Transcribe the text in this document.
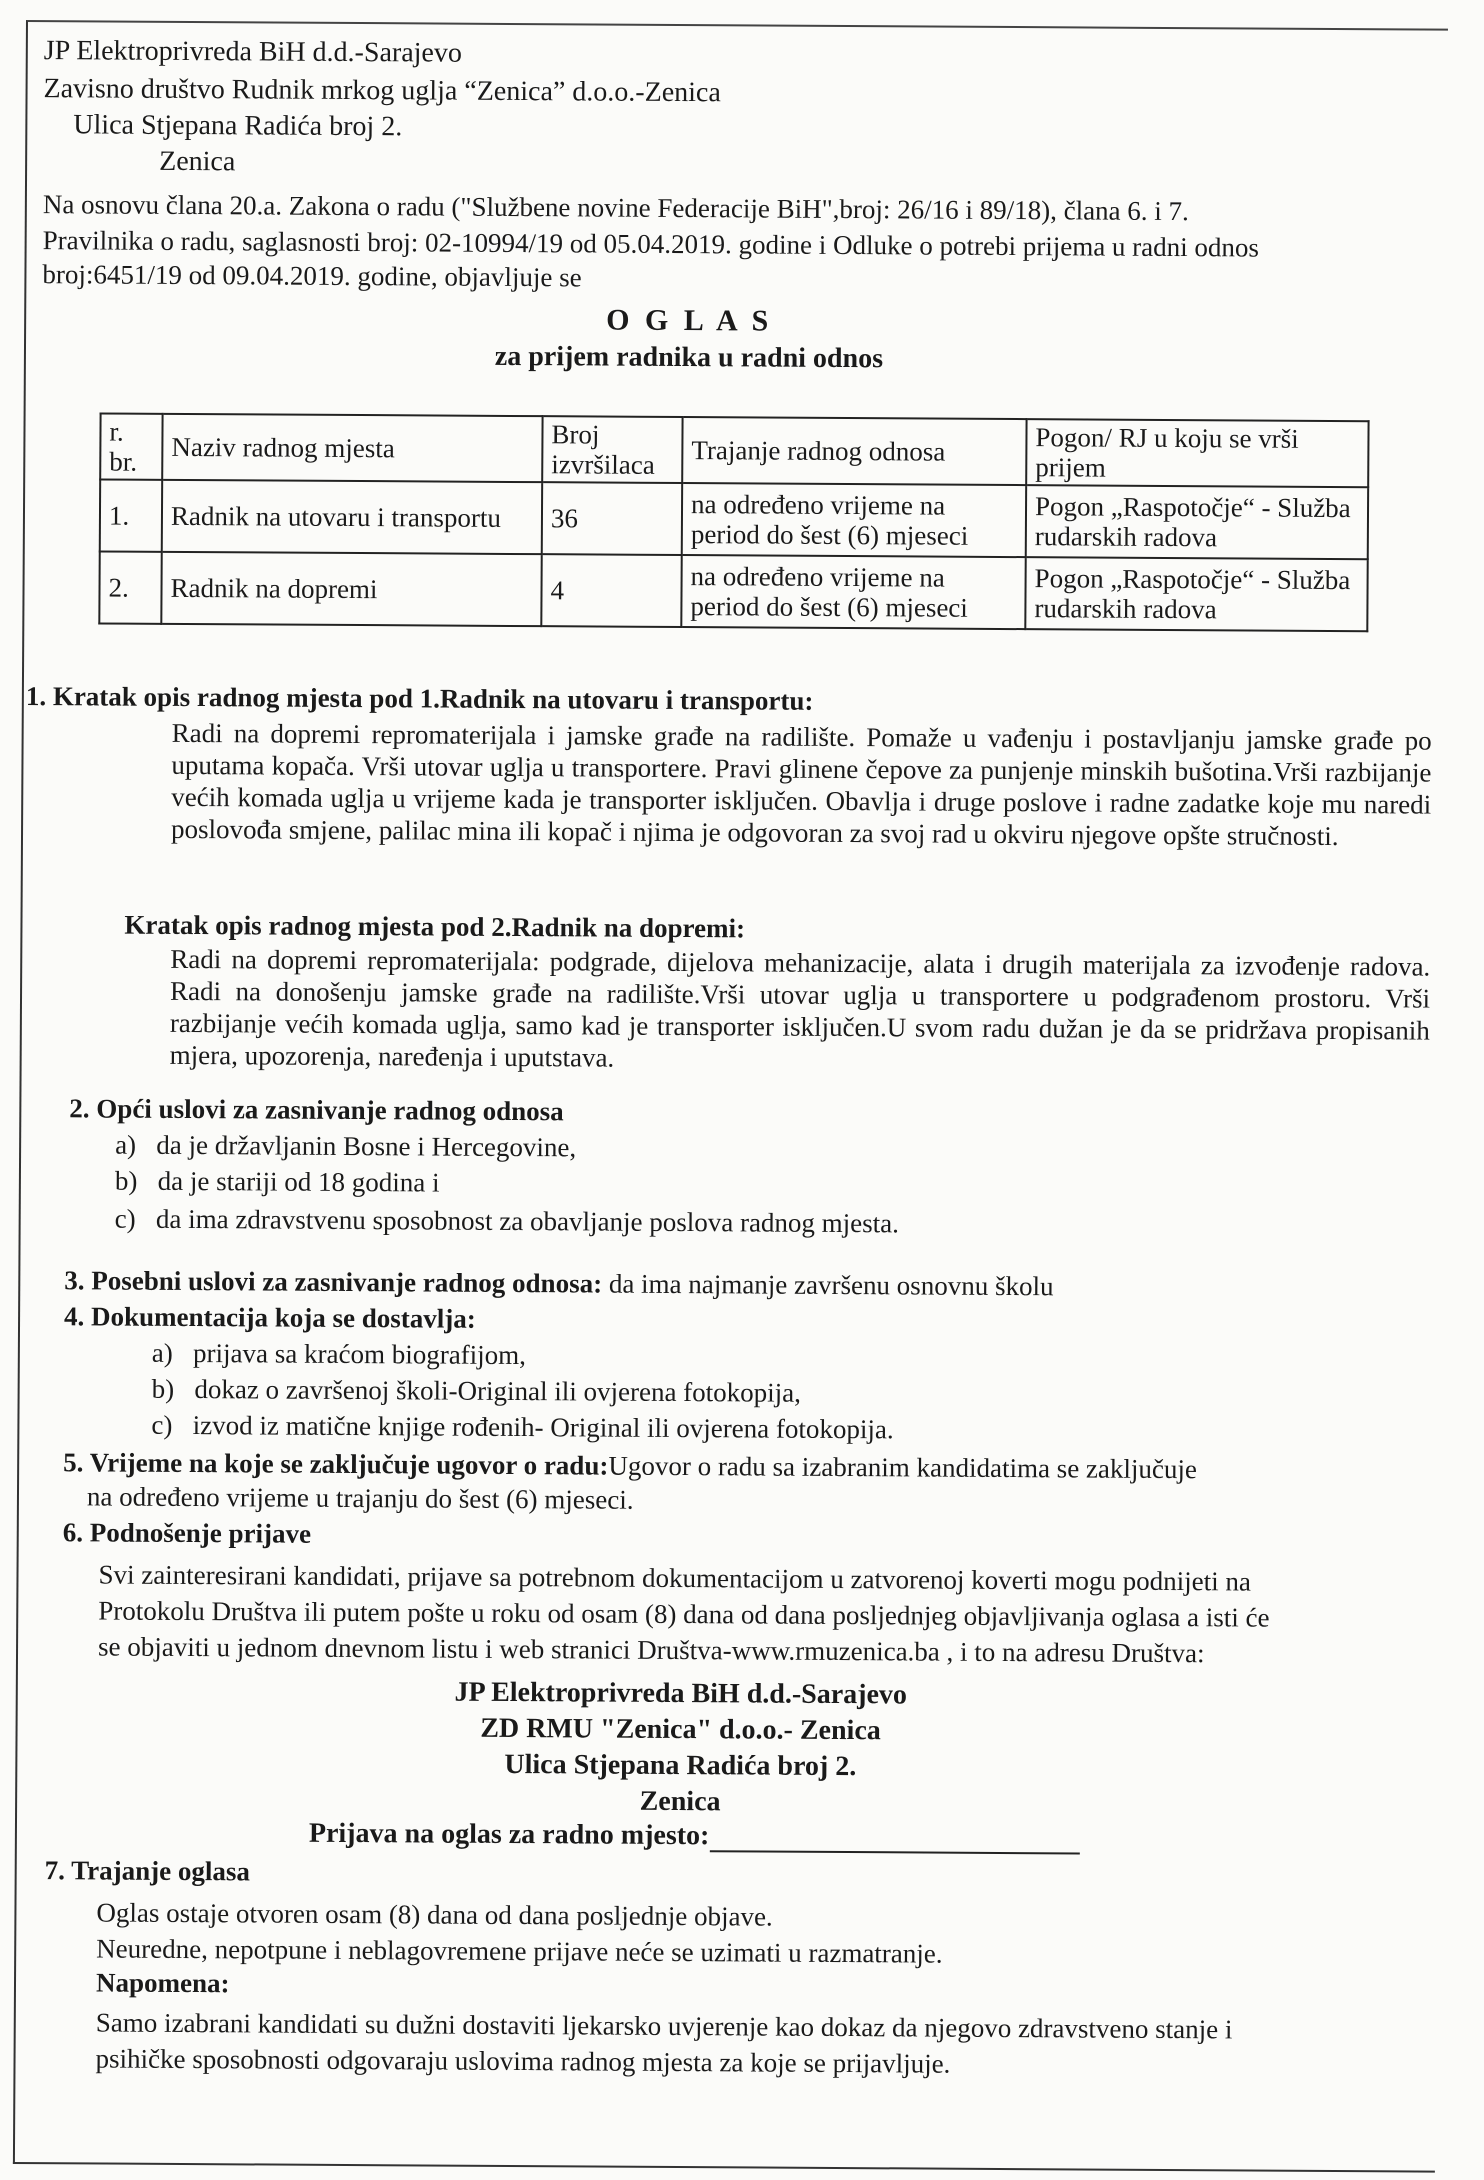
JP Elektroprivreda BiH d.d.-Sarajevo
Zavisno društvo Rudnik mrkog uglja “Zenica” d.o.o.-Zenica
Ulica Stjepana Radića broj 2.
Zenica
Na osnovu člana 20.a. Zakona o radu ("Službene novine Federacije BiH",broj: 26/16 i 89/18), člana 6. i 7.
Pravilnika o radu, saglasnosti broj: 02-10994/19 od 05.04.2019. godine i Odluke o potrebi prijema u radni odnos
broj:6451/19 od 09.04.2019. godine, objavljuje se
O G L A S
za prijem radnika u radni odnos
r. br.	Naziv radnog mjesta	Broj izvršilaca	Trajanje radnog odnosa	Pogon/ RJ u koju se vrši prijem
1.	Radnik na utovaru i transportu	36	na određeno vrijeme na period do šest (6) mjeseci	Pogon „Raspotočje“ - Služba rudarskih radova
2.	Radnik na dopremi	4	na određeno vrijeme na period do šest (6) mjeseci	Pogon „Raspotočje“ - Služba rudarskih radova
1. Kratak opis radnog mjesta pod 1.Radnik na utovaru i transportu:
Radi na dopremi repromaterijala i jamske građe na radilište. Pomaže u vađenju i postavljanju jamske građe po uputama kopača. Vrši utovar uglja u transportere. Pravi glinene čepove za punjenje minskih bušotina.Vrši razbijanje većih komada uglja u vrijeme kada je transporter isključen. Obavlja i druge poslove i radne zadatke koje mu naredi poslovođa smjene, palilac mina ili kopač i njima je odgovoran za svoj rad u okviru njegove opšte stručnosti.
Kratak opis radnog mjesta pod 2.Radnik na dopremi:
Radi na dopremi repromaterijala: podgrade, dijelova mehanizacije, alata i drugih materijala za izvođenje radova. Radi na donošenju jamske građe na radilište.Vrši utovar uglja u transportere u podgrađenom prostoru. Vrši razbijanje većih komada uglja, samo kad je transporter isključen.U svom radu dužan je da se pridržava propisanih mjera, upozorenja, naređenja i uputstava.
2. Opći uslovi za zasnivanje radnog odnosa
a) da je državljanin Bosne i Hercegovine,
b) da je stariji od 18 godina i
c) da ima zdravstvenu sposobnost za obavljanje poslova radnog mjesta.
3. Posebni uslovi za zasnivanje radnog odnosa: da ima najmanje završenu osnovnu školu
4. Dokumentacija koja se dostavlja:
a) prijava sa kraćom biografijom,
b) dokaz o završenoj školi-Original ili ovjerena fotokopija,
c) izvod iz matične knjige rođenih- Original ili ovjerena fotokopija.
5. Vrijeme na koje se zaključuje ugovor o radu:Ugovor o radu sa izabranim kandidatima se zaključuje
na određeno vrijeme u trajanju do šest (6) mjeseci.
6. Podnošenje prijave
Svi zainteresirani kandidati, prijave sa potrebnom dokumentacijom u zatvorenoj koverti mogu podnijeti na
Protokolu Društva ili putem pošte u roku od osam (8) dana od dana posljednjeg objavljivanja oglasa a isti će
se objaviti u jednom dnevnom listu i web stranici Društva-www.rmuzenica.ba , i to na adresu Društva:
JP Elektroprivreda BiH d.d.-Sarajevo
ZD RMU "Zenica" d.o.o.- Zenica
Ulica Stjepana Radića broj 2.
Zenica
Prijava na oglas za radno mjesto:
7. Trajanje oglasa
Oglas ostaje otvoren osam (8) dana od dana posljednje objave.
Neuredne, nepotpune i neblagovremene prijave neće se uzimati u razmatranje.
Napomena:
Samo izabrani kandidati su dužni dostaviti ljekarsko uvjerenje kao dokaz da njegovo zdravstveno stanje i
psihičke sposobnosti odgovaraju uslovima radnog mjesta za koje se prijavljuje.
